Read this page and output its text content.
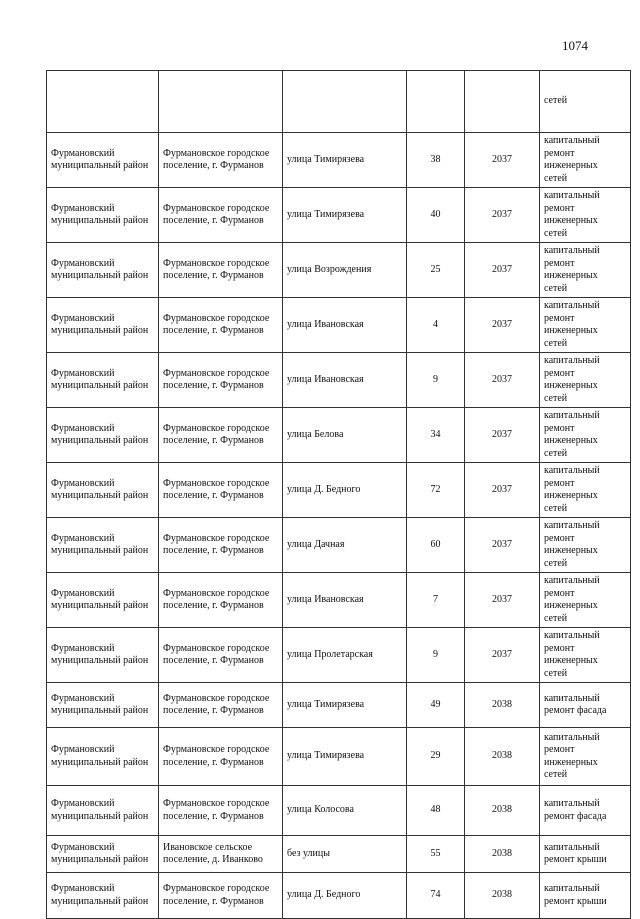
1074
					сетей
Фурмановский муниципальный район	Фурмановское городское поселение, г. Фурманов	улица Тимирязева	38	2037	капитальный
ремонт
инженерных
сетей

Фурмановский муниципальный район	Фурмановское городское поселение, г. Фурманов	улица Тимирязева	40	2037	капитальный
ремонт
инженерных
сетей

Фурмановский муниципальный район	Фурмановское городское поселение, г. Фурманов	улица Возрождения	25	2037	капитальный
ремонт
инженерных
сетей

Фурмановский муниципальный район	Фурмановское городское поселение, г. Фурманов	улица Ивановская	4	2037	капитальный
ремонт
инженерных
сетей

Фурмановский муниципальный район	Фурмановское городское поселение, г. Фурманов	улица Ивановская	9	2037	капитальный
ремонт
инженерных
сетей

Фурмановский муниципальный район	Фурмановское городское поселение, г. Фурманов	улица Белова	34	2037	капитальный
ремонт
инженерных
сетей

Фурмановский муниципальный район	Фурмановское городское поселение, г. Фурманов	улица Д. Бедного	72	2037	капитальный
ремонт
инженерных
сетей

Фурмановский муниципальный район	Фурмановское городское поселение, г. Фурманов	улица Дачная	60	2037	капитальный
ремонт
инженерных
сетей

Фурмановский муниципальный район	Фурмановское городское поселение, г. Фурманов	улица Ивановская	7	2037	капитальный
ремонт
инженерных
сетей

Фурмановский муниципальный район	Фурмановское городское поселение, г. Фурманов	улица Пролетарская	9	2037	капитальный
ремонт
инженерных
сетей

Фурмановский муниципальный район	Фурмановское городское поселение, г. Фурманов	улица Тимирязева	49	2038	капитальный
ремонт фасада

Фурмановский муниципальный район	Фурмановское городское поселение, г. Фурманов	улица Тимирязева	29	2038	капитальный
ремонт
инженерных
сетей

Фурмановский муниципальный район	Фурмановское городское поселение, г. Фурманов	улица Колосова	48	2038	капитальный
ремонт фасада

Фурмановский муниципальный район	Ивановское сельское поселение, д. Иванково	без улицы	55	2038	капитальный
ремонт крыши

Фурмановский муниципальный район	Фурмановское городское поселение, г. Фурманов	улица Д. Бедного	74	2038	капитальный
ремонт крыши
